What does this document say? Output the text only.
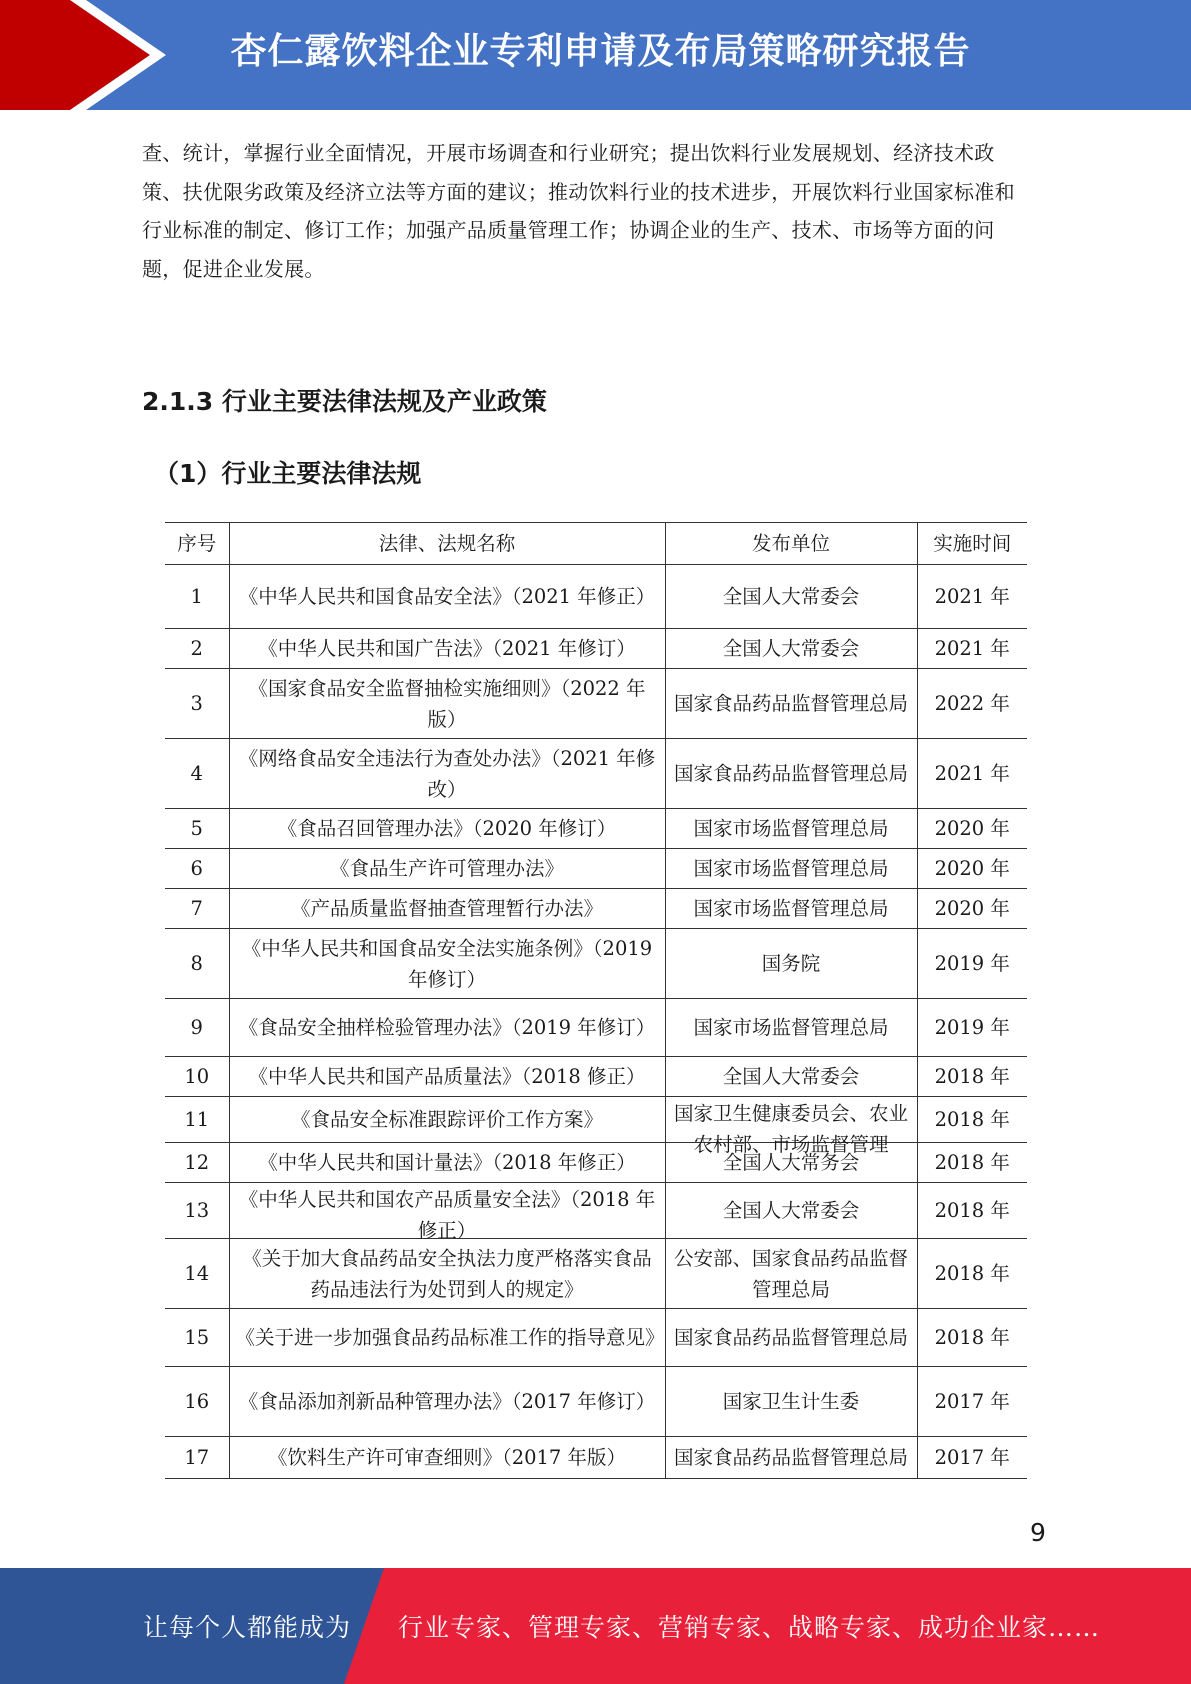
杏仁露饮料企业专利申请及布局策略研究报告
查、统计，掌握行业全面情况，开展市场调查和行业研究；提出饮料行业发展规划、经济技术政
策、扶优限劣政策及经济立法等方面的建议；推动饮料行业的技术进步，开展饮料行业国家标准和
行业标准的制定、修订工作；加强产品质量管理工作；协调企业的生产、技术、市场等方面的问
题，促进企业发展。
2.1.3 行业主要法律法规及产业政策
（1）行业主要法律法规
序号	法律、法规名称	发布单位	实施时间

1	《中华人民共和国食品安全法》（2021 年修正）	全国人大常委会	2021 年

2	《中华人民共和国广告法》（2021 年修订）	全国人大常委会	2021 年

3	《国家食品安全监督抽检实施细则》（2022 年版）	国家食品药品监督管理总局	2022 年

4	《网络食品安全违法行为查处办法》（2021 年修改）	国家食品药品监督管理总局	2021 年

5	《食品召回管理办法》（2020 年修订）	国家市场监督管理总局	2020 年

6	《食品生产许可管理办法》	国家市场监督管理总局	2020 年

7	《产品质量监督抽查管理暂行办法》	国家市场监督管理总局	2020 年

8	《中华人民共和国食品安全法实施条例》（2019 年修订）	国务院	2019 年

9	《食品安全抽样检验管理办法》（2019 年修订）	国家市场监督管理总局	2019 年

10	《中华人民共和国产品质量法》（2018 修正）	全国人大常委会	2018 年

11	《食品安全标准跟踪评价工作方案》	国家卫生健康委员会、农业农村部、市场监督管理	2018 年

12	《中华人民共和国计量法》（2018 年修正）	全国人大常务会	2018 年

13	《中华人民共和国农产品质量安全法》（2018 年修正）	全国人大常委会	2018 年

14	《关于加大食品药品安全执法力度严格落实食品药品违法行为处罚到人的规定》	公安部、国家食品药品监督管理总局	2018 年

15	《关于进一步加强食品药品标准工作的指导意见》	国家食品药品监督管理总局	2018 年

16	《食品添加剂新品种管理办法》（2017 年修订）	国家卫生计生委	2017 年

17	《饮料生产许可审查细则》（2017 年版）	国家食品药品监督管理总局	2017 年
9
让每个人都能成为 行业专家、管理专家、营销专家、战略专家、成功企业家……
